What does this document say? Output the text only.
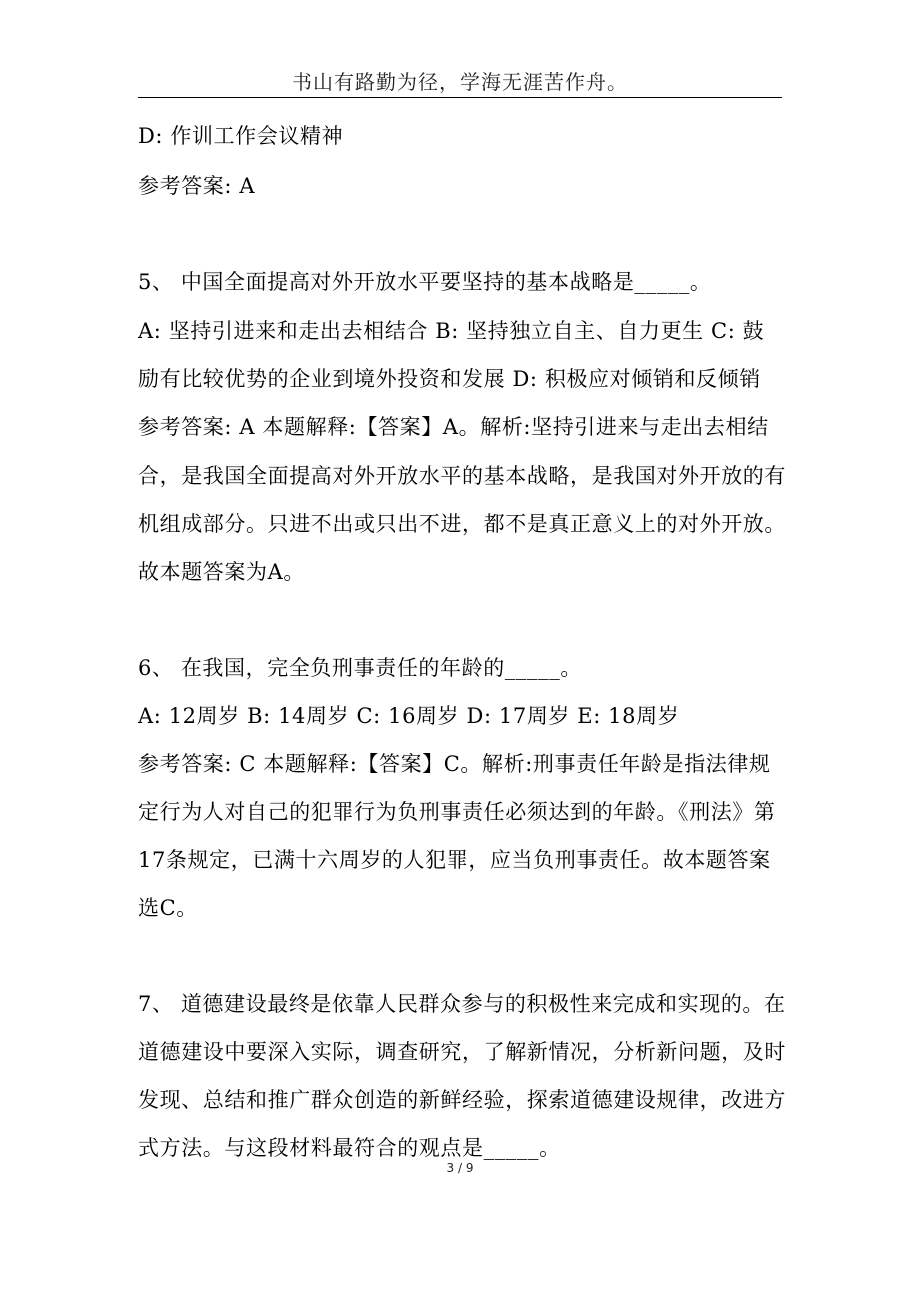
书山有路勤为径，学海无涯苦作舟。
D: 作训工作会议精神
参考答案: A
5、 中国全面提高对外开放水平要坚持的基本战略是_____。
A: 坚持引进来和走出去相结合 B: 坚持独立自主、自力更生 C: 鼓
励有比较优势的企业到境外投资和发展 D: 积极应对倾销和反倾销
参考答案: A 本题解释:【答案】A。解析:坚持引进来与走出去相结
合，是我国全面提高对外开放水平的基本战略，是我国对外开放的有
机组成部分。只进不出或只出不进，都不是真正意义上的对外开放。
故本题答案为A。
6、 在我国，完全负刑事责任的年龄的_____。
A: 12周岁 B: 14周岁 C: 16周岁 D: 17周岁 E: 18周岁
参考答案: C 本题解释:【答案】C。解析:刑事责任年龄是指法律规
定行为人对自己的犯罪行为负刑事责任必须达到的年龄。《刑法》第
17条规定，已满十六周岁的人犯罪，应当负刑事责任。故本题答案
选C。
7、 道德建设最终是依靠人民群众参与的积极性来完成和实现的。在
道德建设中要深入实际，调查研究，了解新情况，分析新问题，及时
发现、总结和推广群众创造的新鲜经验，探索道德建设规律，改进方
式方法。与这段材料最符合的观点是_____。
3 / 9
